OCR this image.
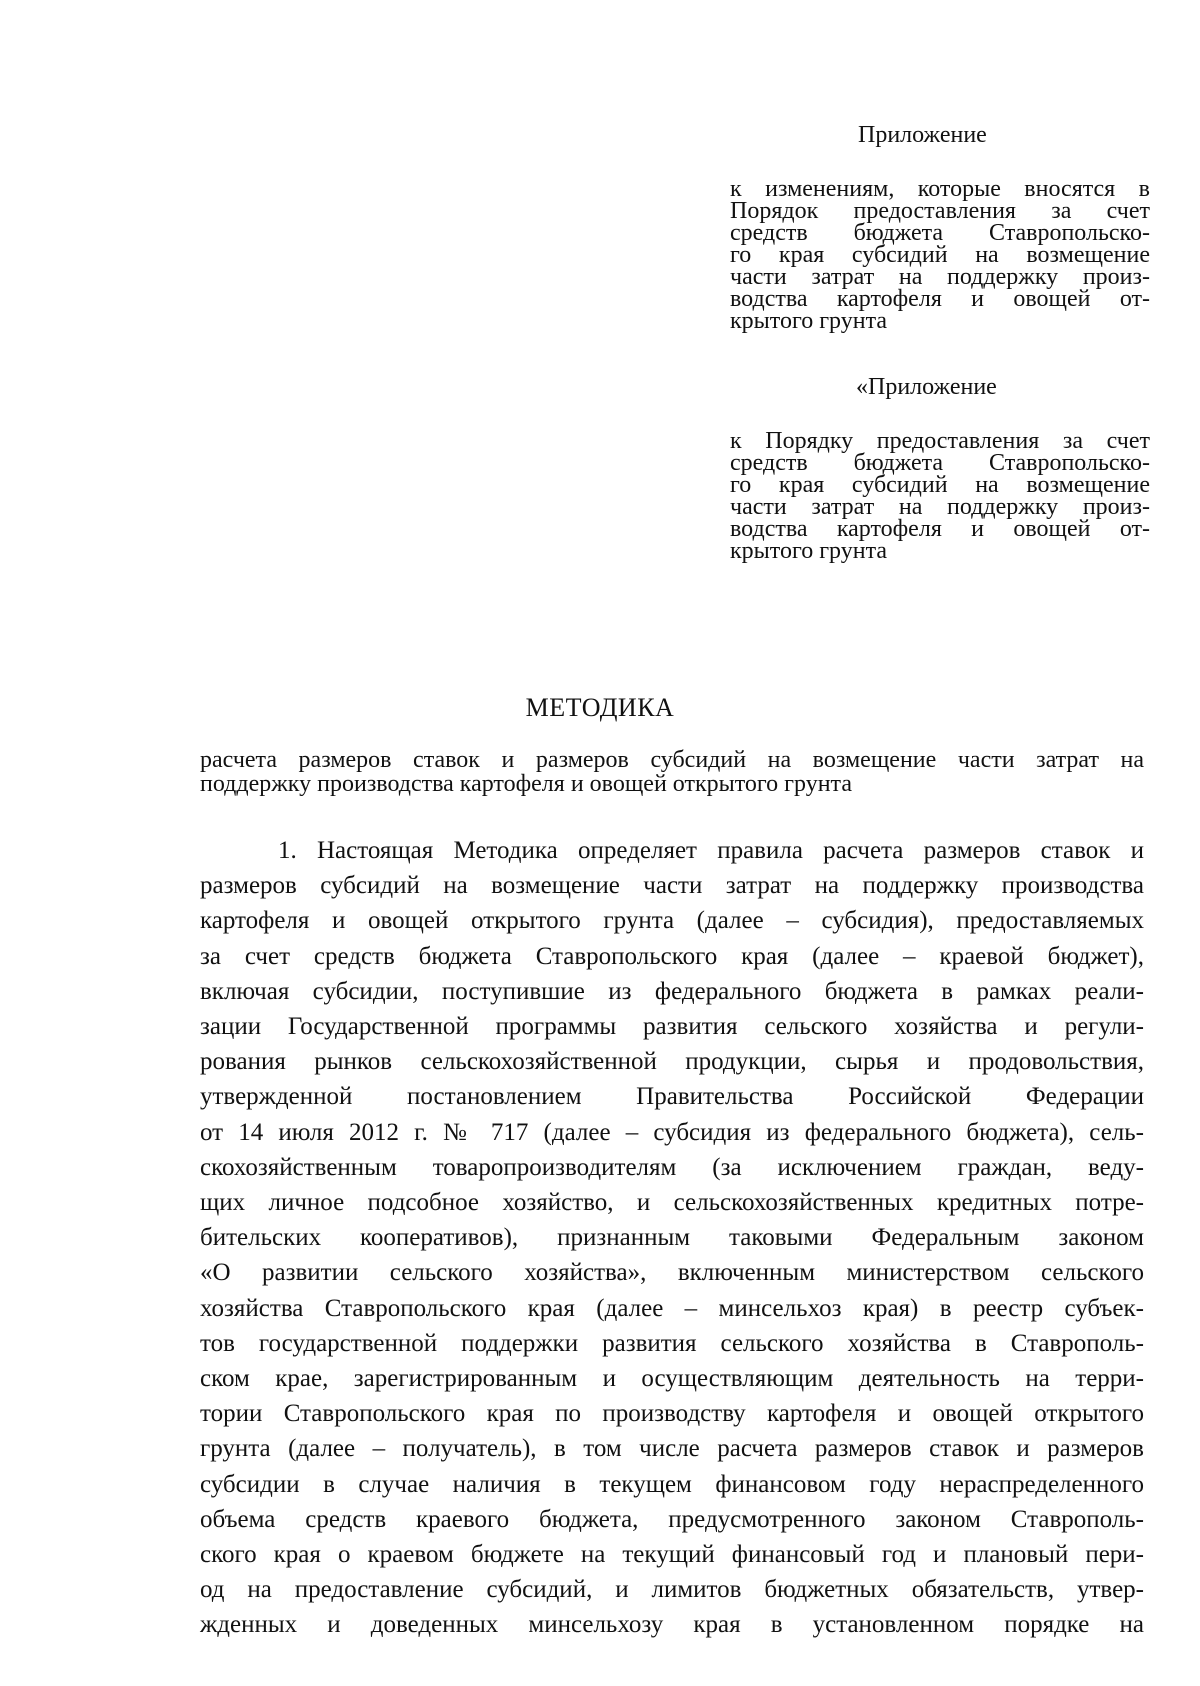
Приложение
к изменениям, которые вносятся в
Порядок предоставления за счет
средств бюджета Ставропольско-
го края субсидий на возмещение
части затрат на поддержку произ-
водства картофеля и овощей от-
крытого грунта
«Приложение
к Порядку предоставления за счет
средств бюджета Ставропольско-
го края субсидий на возмещение
части затрат на поддержку произ-
водства картофеля и овощей от-
крытого грунта
МЕТОДИКА
расчета размеров ставок и размеров субсидий на возмещение части затрат на
поддержку производства картофеля и овощей открытого грунта
1. Настоящая Методика определяет правила расчета размеров ставок и
размеров субсидий на возмещение части затрат на поддержку производства
картофеля и овощей открытого грунта (далее – субсидия), предоставляемых
за счет средств бюджета Ставропольского края (далее – краевой бюджет),
включая субсидии, поступившие из федерального бюджета в рамках реали-
зации Государственной программы развития сельского хозяйства и регули-
рования рынков сельскохозяйственной продукции, сырья и продовольствия,
утвержденной постановлением Правительства Российской Федерации
от 14 июля 2012 г. № 717 (далее – субсидия из федерального бюджета), сель-
скохозяйственным товаропроизводителям (за исключением граждан, веду-
щих личное подсобное хозяйство, и сельскохозяйственных кредитных потре-
бительских кооперативов), признанным таковыми Федеральным законом
«О развитии сельского хозяйства», включенным министерством сельского
хозяйства Ставропольского края (далее – минсельхоз края) в реестр субъек-
тов государственной поддержки развития сельского хозяйства в Ставрополь-
ском крае, зарегистрированным и осуществляющим деятельность на терри-
тории Ставропольского края по производству картофеля и овощей открытого
грунта (далее – получатель), в том числе расчета размеров ставок и размеров
субсидии в случае наличия в текущем финансовом году нераспределенного
объема средств краевого бюджета, предусмотренного законом Ставрополь-
ского края о краевом бюджете на текущий финансовый год и плановый пери-
од на предоставление субсидий, и лимитов бюджетных обязательств, утвер-
жденных и доведенных минсельхозу края в установленном порядке на
